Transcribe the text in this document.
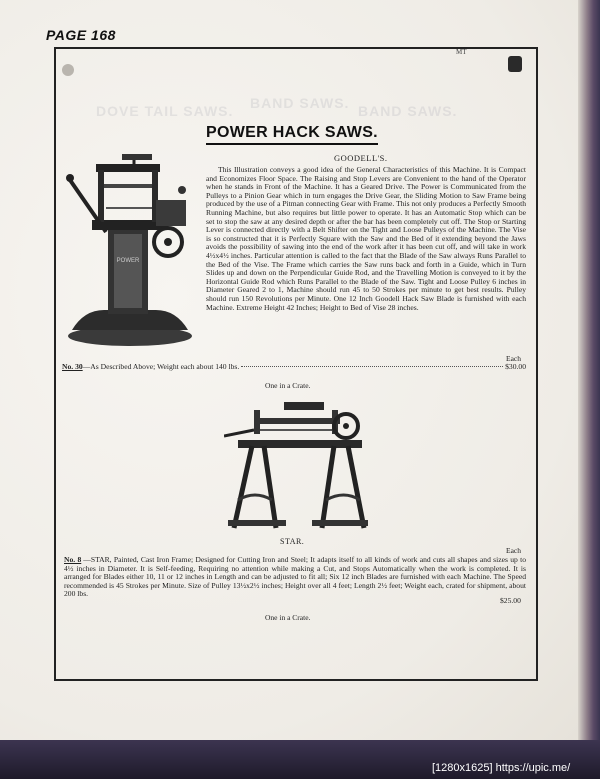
PAGE 168
MT
DOVE TAIL SAWS. BAND SAWS. BAND SAWS.
POWER HACK SAWS.
GOODELL'S.

This Illustration conveys a good idea of the General Characteristics of this Machine. It is Compact and Economizes Floor Space. The Raising and Stop Levers are Convenient to the hand of the Operator when he stands in Front of the Machine. It has a Geared Drive. The Power is Communicated from the Pulleys to a Pinion Gear which in turn engages the Drive Gear, the Sliding Motion to Saw Frame being produced by the use of a Pitman connecting Gear with Frame. This not only produces a Perfectly Smooth Running Machine, but also requires but little power to operate. It has an Automatic Stop which can be set to stop the saw at any desired depth or after the bar has been completely cut off. The Stop or Starting Lever is connected directly with a Belt Shifter on the Tight and Loose Pulleys of the Machine. The Vise is so constructed that it is Perfectly Square with the Saw and the Bed of it extending beyond the Jaws avoids the possibility of sawing into the end of the work after it has been cut off, and will take in work 4½x4½ inches. Particular attention is called to the fact that the Blade of the Saw always Runs Parallel to the Bed of the Vise. The Frame which carries the Saw runs back and forth in a Guide, which in Turn Slides up and down on the Perpendicular Guide Rod, and the Travelling Motion is conveyed to it by the Horizontal Guide Rod which Runs Parallel to the Blade of the Saw. Tight and Loose Pulley 6 inches in Diameter Geared 2 to 1, Machine should run 45 to 50 Strokes per minute to get best results. Pulley should run 150 Revolutions per Minute. One 12 Inch Goodell Hack Saw Blade is furnished with each Machine. Extreme Height 42 Inches; Height to Bed of Vise 28 inches.

POWER
Each
No. 30 —As Described Above; Weight each about 140 lbs.	$30.00
One in a Crate.
STAR.
Each

No. 8 —STAR, Painted, Cast Iron Frame; Designed for Cutting Iron and Steel; It adapts itself to all kinds of work and cuts all shapes and sizes up to 4½ inches in Diameter. It is Self-feeding, Requiring no attention while making a Cut, and Stops Automatically when the work is completed. It is arranged for Blades either 10, 11 or 12 inches in Length and can be adjusted to fit all; Six 12 inch Blades are furnished with each Machine. The Speed recommended is 45 Strokes per Minute. Size of Pulley 13½x2½ inches; Height over all 4 feet; Length 2½ feet; Weight each, crated for shipment, about 200 lbs.

$25.00
One in a Crate.
[1280x1625] https://upic.me/
